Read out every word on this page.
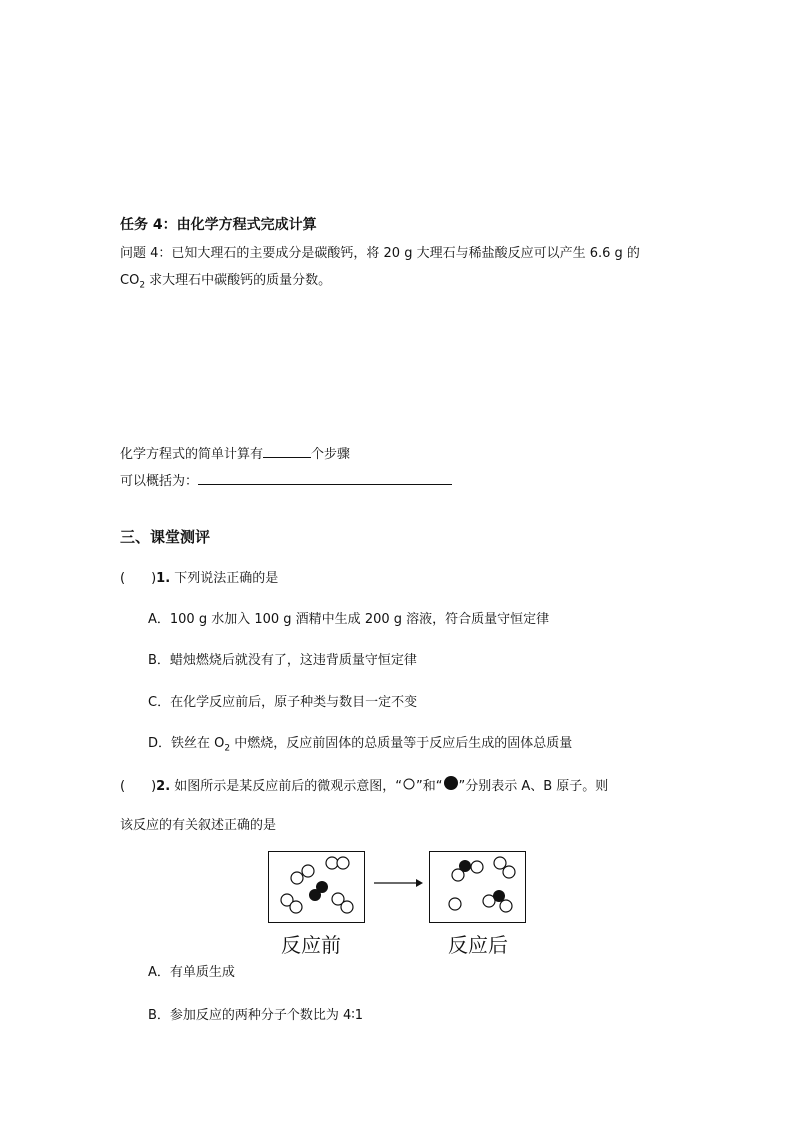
任务 4：由化学方程式完成计算
问题 4：已知大理石的主要成分是碳酸钙，将 20 g 大理石与稀盐酸反应可以产生 6.6 g 的
$CO_2$ 求大理石中碳酸钙的质量分数。
化学方程式的简单计算有	个步骤
可以概括为：
三、课堂测评
( )1. 下列说法正确的是
A．100 g 水加入 100 g 酒精中生成 200 g 溶液，符合质量守恒定律
B．蜡烛燃烧后就没有了，这违背质量守恒定律
C．在化学反应前后，原子种类与数目一定不变
D．铁丝在 $O_2$ 中燃烧，反应前固体的总质量等于反应后生成的固体总质量
( )2. 如图所示是某反应前后的微观示意图，“ ”和“ ”分别表示 A、B 原子。则
该反应的有关叙述正确的是
反应前	反应后
A．有单质生成
B．参加反应的两种分子个数比为 4∶1
